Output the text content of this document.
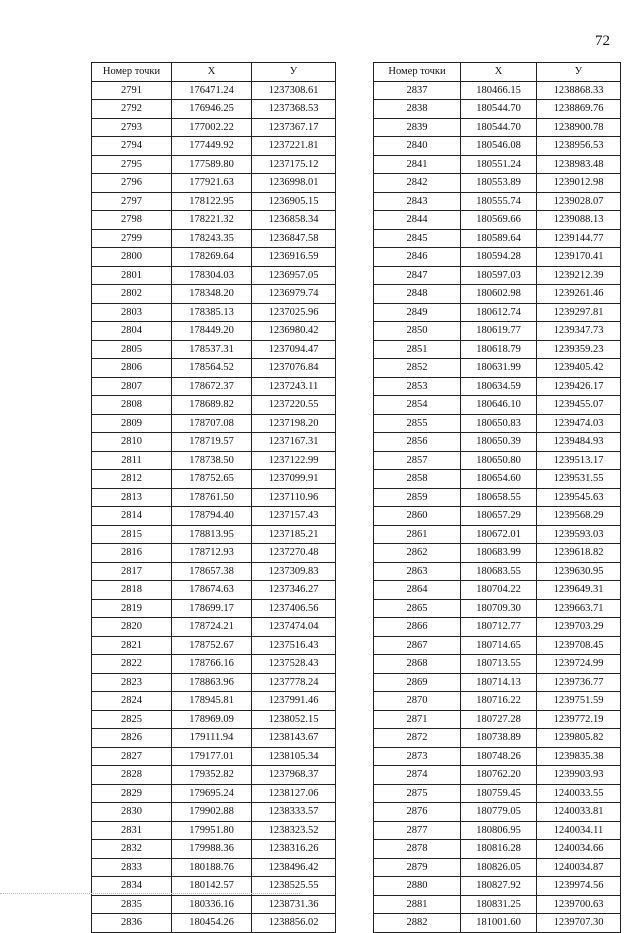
72
Номер точки	X	У
2791	176471.24	1237308.61
2792	176946.25	1237368.53
2793	177002.22	1237367.17
2794	177449.92	1237221.81
2795	177589.80	1237175.12
2796	177921.63	1236998.01
2797	178122.95	1236905.15
2798	178221.32	1236858.34
2799	178243.35	1236847.58
2800	178269.64	1236916.59
2801	178304.03	1236957.05
2802	178348.20	1236979.74
2803	178385.13	1237025.96
2804	178449.20	1236980.42
2805	178537.31	1237094.47
2806	178564.52	1237076.84
2807	178672.37	1237243.11
2808	178689.82	1237220.55
2809	178707.08	1237198.20
2810	178719.57	1237167.31
2811	178738.50	1237122.99
2812	178752.65	1237099.91
2813	178761.50	1237110.96
2814	178794.40	1237157.43
2815	178813.95	1237185.21
2816	178712.93	1237270.48
2817	178657.38	1237309.83
2818	178674.63	1237346.27
2819	178699.17	1237406.56
2820	178724.21	1237474.04
2821	178752.67	1237516.43
2822	178766.16	1237528.43
2823	178863.96	1237778.24
2824	178945.81	1237991.46
2825	178969.09	1238052.15
2826	179111.94	1238143.67
2827	179177.01	1238105.34
2828	179352.82	1237968.37
2829	179695.24	1238127.06
2830	179902.88	1238333.57
2831	179951.80	1238323.52
2832	179988.36	1238316.26
2833	180188.76	1238496.42
2834	180142.57	1238525.55
2835	180336.16	1238731.36
2836	180454.26	1238856.02
Номер точки	X	У
2837	180466.15	1238868.33
2838	180544.70	1238869.76
2839	180544.70	1238900.78
2840	180546.08	1238956.53
2841	180551.24	1238983.48
2842	180553.89	1239012.98
2843	180555.74	1239028.07
2844	180569.66	1239088.13
2845	180589.64	1239144.77
2846	180594.28	1239170.41
2847	180597.03	1239212.39
2848	180602.98	1239261.46
2849	180612.74	1239297.81
2850	180619.77	1239347.73
2851	180618.79	1239359.23
2852	180631.99	1239405.42
2853	180634.59	1239426.17
2854	180646.10	1239455.07
2855	180650.83	1239474.03
2856	180650.39	1239484.93
2857	180650.80	1239513.17
2858	180654.60	1239531.55
2859	180658.55	1239545.63
2860	180657.29	1239568.29
2861	180672.01	1239593.03
2862	180683.99	1239618.82
2863	180683.55	1239630.95
2864	180704.22	1239649.31
2865	180709.30	1239663.71
2866	180712.77	1239703.29
2867	180714.65	1239708.45
2868	180713.55	1239724.99
2869	180714.13	1239736.77
2870	180716.22	1239751.59
2871	180727.28	1239772.19
2872	180738.89	1239805.82
2873	180748.26	1239835.38
2874	180762.20	1239903.93
2875	180759.45	1240033.55
2876	180779.05	1240033.81
2877	180806.95	1240034.11
2878	180816.28	1240034.66
2879	180826.05	1240034.87
2880	180827.92	1239974.56
2881	180831.25	1239700.63
2882	181001.60	1239707.30
